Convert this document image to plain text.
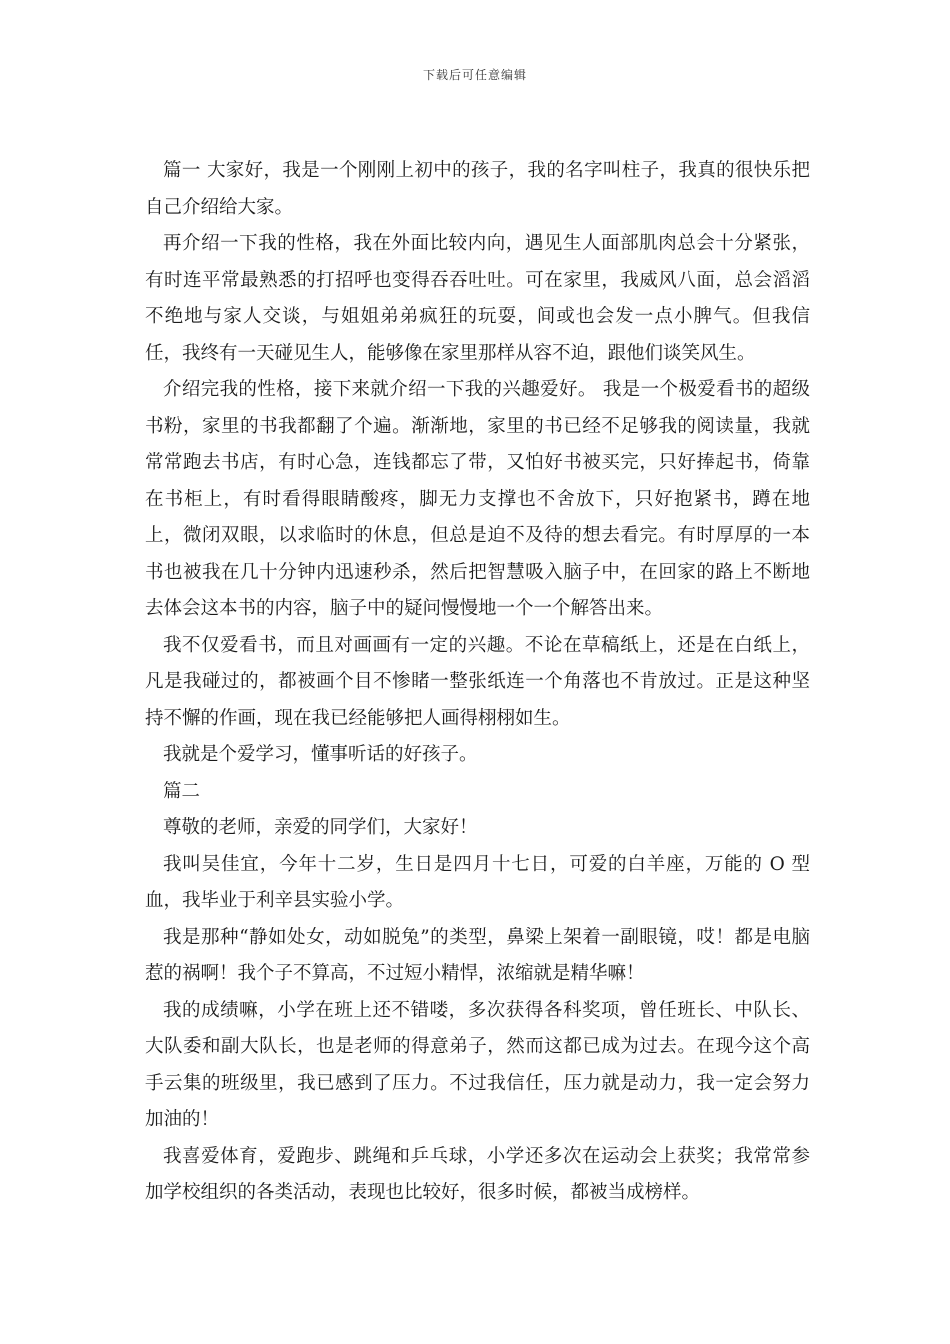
下载后可任意编辑

篇一 大家好，我是一个刚刚上初中的孩子，我的名字叫柱子，我真的很快乐把自己介绍给大家。

再介绍一下我的性格，我在外面比较内向，遇见生人面部肌肉总会十分紧张，有时连平常最熟悉的打招呼也变得吞吞吐吐。可在家里，我威风八面，总会滔滔不绝地与家人交谈，与姐姐弟弟疯狂的玩耍，间或也会发一点小脾气。但我信任，我终有一天碰见生人，能够像在家里那样从容不迫，跟他们谈笑风生。

介绍完我的性格，接下来就介绍一下我的兴趣爱好。 我是一个极爱看书的超级书粉，家里的书我都翻了个遍。渐渐地，家里的书已经不足够我的阅读量，我就常常跑去书店，有时心急，连钱都忘了带，又怕好书被买完，只好捧起书，倚靠在书柜上，有时看得眼睛酸疼，脚无力支撑也不舍放下，只好抱紧书，蹲在地上，微闭双眼，以求临时的休息，但总是迫不及待的想去看完。有时厚厚的一本书也被我在几十分钟内迅速秒杀，然后把智慧吸入脑子中，在回家的路上不断地去体会这本书的内容，脑子中的疑问慢慢地一个一个解答出来。

我不仅爱看书，而且对画画有一定的兴趣。不论在草稿纸上，还是在白纸上，凡是我碰过的，都被画个目不惨睹一整张纸连一个角落也不肯放过。正是这种坚持不懈的作画，现在我已经能够把人画得栩栩如生。

我就是个爱学习，懂事听话的好孩子。

篇二

尊敬的老师，亲爱的同学们，大家好！

我叫吴佳宜，今年十二岁，生日是四月十七日，可爱的白羊座，万能的 O 型血，我毕业于利辛县实验小学。

我是那种“静如处女，动如脱兔”的类型，鼻梁上架着一副眼镜，哎！都是电脑惹的祸啊！我个子不算高，不过短小精悍，浓缩就是精华嘛！

我的成绩嘛，小学在班上还不错喽，多次获得各科奖项，曾任班长、中队长、大队委和副大队长，也是老师的得意弟子，然而这都已成为过去。在现今这个高手云集的班级里，我已感到了压力。不过我信任，压力就是动力，我一定会努力加油的！

我喜爱体育，爱跑步、跳绳和乒乓球，小学还多次在运动会上获奖；我常常参加学校组织的各类活动，表现也比较好，很多时候，都被当成榜样。
